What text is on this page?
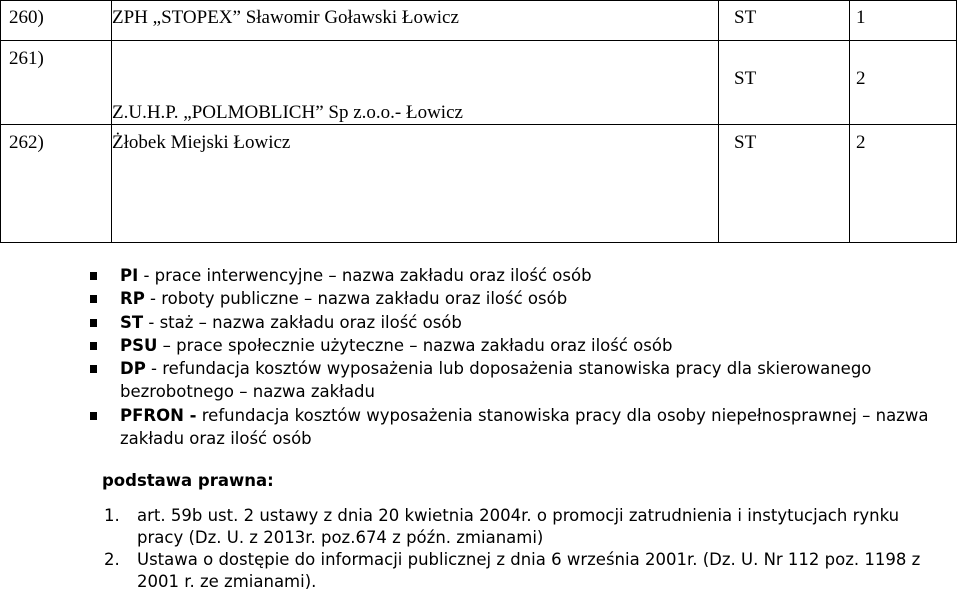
260)	ZPH „STOPEX” Sławomir Goławski Łowicz	ST	1

261)	Z.U.H.P. „POLMOBLICH” Sp z.o.o.- Łowicz	ST	2

262)	Żłobek Miejski Łowicz	ST	2
PI - prace interwencyjne – nazwa zakładu oraz ilość osób
RP - roboty publiczne – nazwa zakładu oraz ilość osób
ST - staż – nazwa zakładu oraz ilość osób
PSU – prace społecznie użyteczne – nazwa zakładu oraz ilość osób
DP - refundacja kosztów wyposażenia lub doposażenia stanowiska pracy dla skierowanego bezrobotnego – nazwa zakładu
PFRON - refundacja kosztów wyposażenia stanowiska pracy dla osoby niepełnosprawnej – nazwa zakładu oraz ilość osób
podstawa prawna:
1. art. 59b ust. 2 ustawy z dnia 20 kwietnia 2004r. o promocji zatrudnienia i instytucjach rynku pracy (Dz. U. z 2013r. poz.674 z późn. zmianami)
2. Ustawa o dostępie do informacji publicznej z dnia 6 września 2001r. (Dz. U. Nr 112 poz. 1198 z 2001 r. ze zmianami).
